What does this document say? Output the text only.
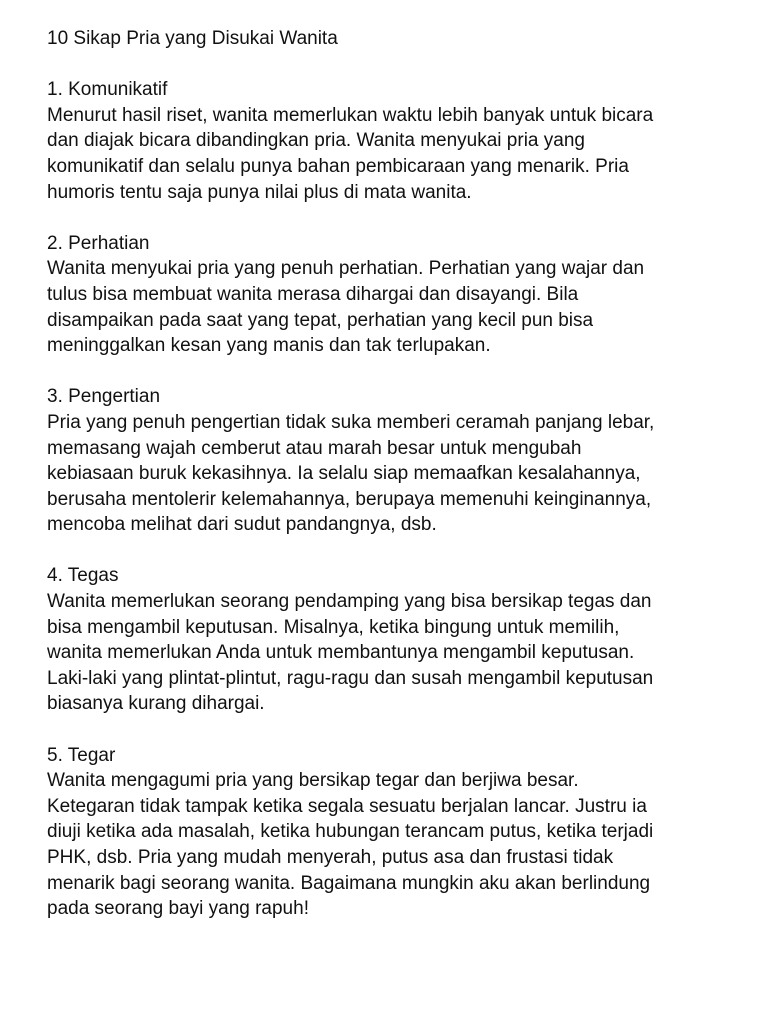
10 Sikap Pria yang Disukai Wanita
1. Komunikatif
Menurut hasil riset, wanita memerlukan waktu lebih banyak untuk bicara
dan diajak bicara dibandingkan pria. Wanita menyukai pria yang
komunikatif dan selalu punya bahan pembicaraan yang menarik. Pria
humoris tentu saja punya nilai plus di mata wanita.
2. Perhatian
Wanita menyukai pria yang penuh perhatian. Perhatian yang wajar dan
tulus bisa membuat wanita merasa dihargai dan disayangi. Bila
disampaikan pada saat yang tepat, perhatian yang kecil pun bisa
meninggalkan kesan yang manis dan tak terlupakan.
3. Pengertian
Pria yang penuh pengertian tidak suka memberi ceramah panjang lebar,
memasang wajah cemberut atau marah besar untuk mengubah
kebiasaan buruk kekasihnya. Ia selalu siap memaafkan kesalahannya,
berusaha mentolerir kelemahannya, berupaya memenuhi keinginannya,
mencoba melihat dari sudut pandangnya, dsb.
4. Tegas
Wanita memerlukan seorang pendamping yang bisa bersikap tegas dan
bisa mengambil keputusan. Misalnya, ketika bingung untuk memilih,
wanita memerlukan Anda untuk membantunya mengambil keputusan.
Laki-laki yang plintat-plintut, ragu-ragu dan susah mengambil keputusan
biasanya kurang dihargai.
5. Tegar
Wanita mengagumi pria yang bersikap tegar dan berjiwa besar.
Ketegaran tidak tampak ketika segala sesuatu berjalan lancar. Justru ia
diuji ketika ada masalah, ketika hubungan terancam putus, ketika terjadi
PHK, dsb. Pria yang mudah menyerah, putus asa dan frustasi tidak
menarik bagi seorang wanita. Bagaimana mungkin aku akan berlindung
pada seorang bayi yang rapuh!
